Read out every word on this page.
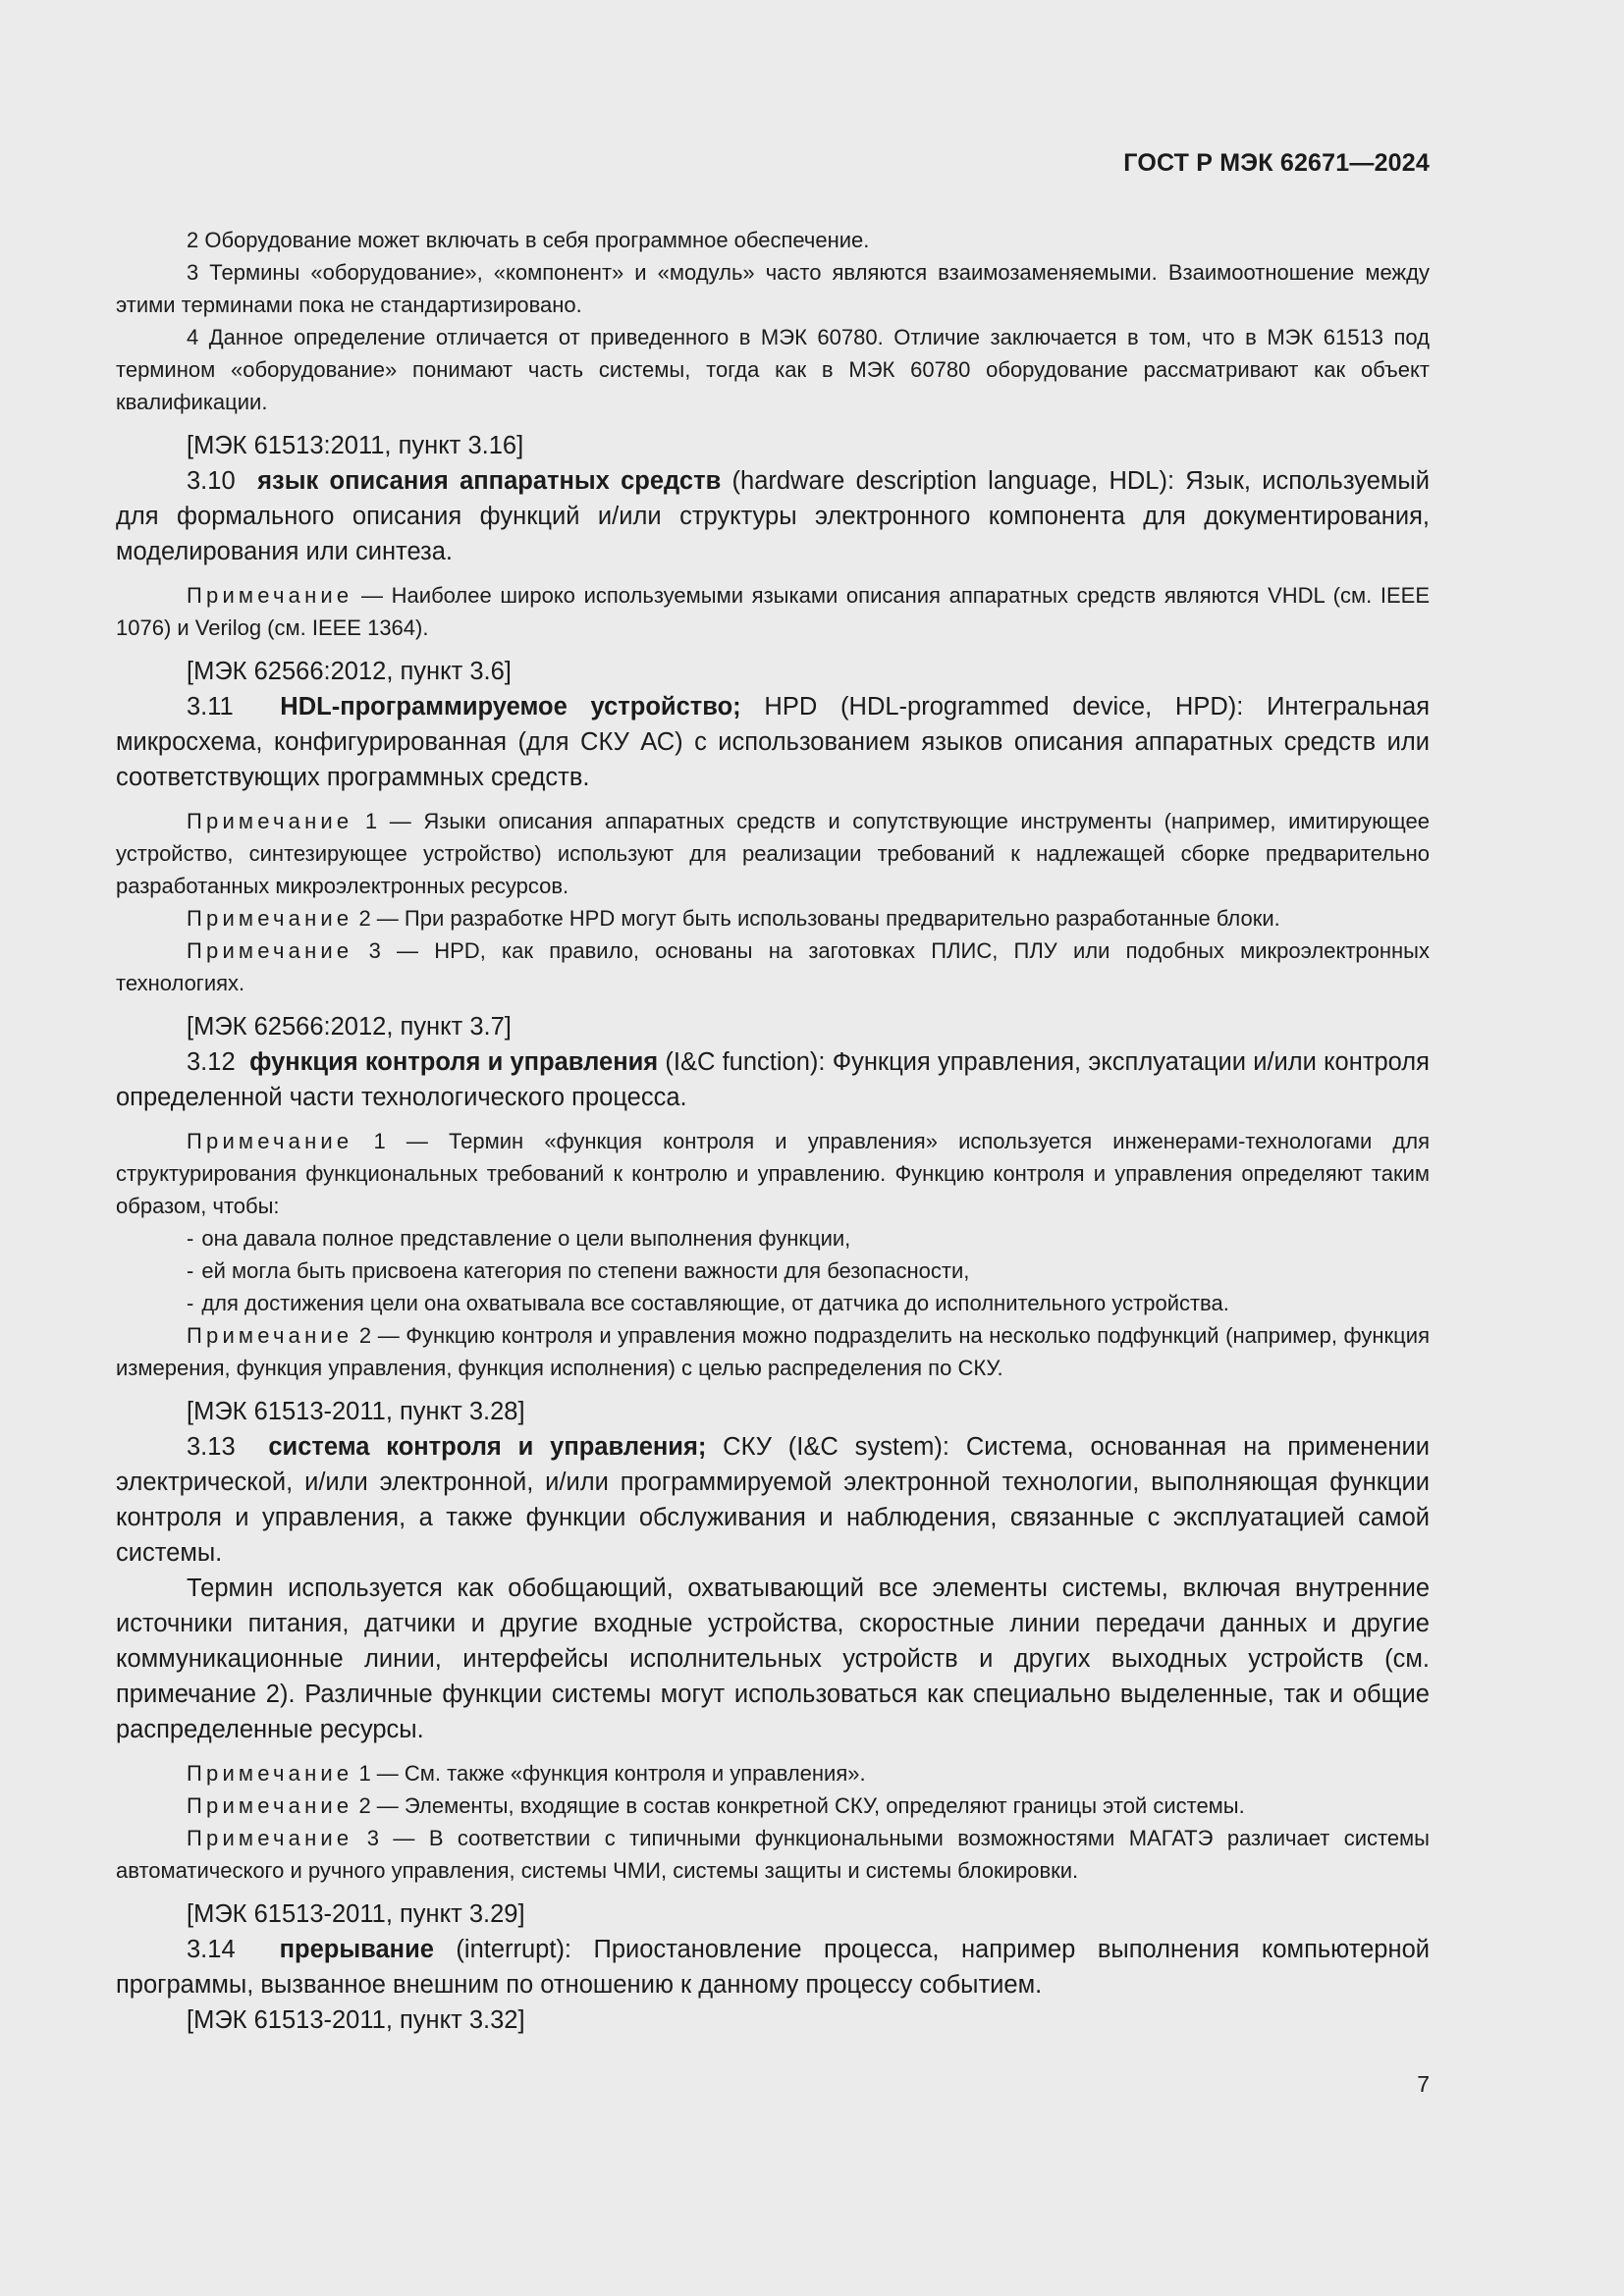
ГОСТ Р МЭК 62671—2024

2 Оборудование может включать в себя программное обеспечение.

3 Термины «оборудование», «компонент» и «модуль» часто являются взаимозаменяемыми. Взаимоотношение между этими терминами пока не стандартизировано.

4 Данное определение отличается от приведенного в МЭК 60780. Отличие заключается в том, что в МЭК 61513 под термином «оборудование» понимают часть системы, тогда как в МЭК 60780 оборудование рассматривают как объект квалификации.

[МЭК 61513:2011, пункт 3.16]

3.10 язык описания аппаратных средств (hardware description language, HDL): Язык, используемый для формального описания функций и/или структуры электронного компонента для документирования, моделирования или синтеза.

Примечание — Наиболее широко используемыми языками описания аппаратных средств являются VHDL (см. IEEE 1076) и Verilog (см. IEEE 1364).

[МЭК 62566:2012, пункт 3.6]

3.11 HDL-программируемое устройство; HPD (HDL-programmed device, HPD): Интегральная микросхема, конфигурированная (для СКУ АС) с использованием языков описания аппаратных средств или соответствующих программных средств.

Примечание 1 — Языки описания аппаратных средств и сопутствующие инструменты (например, имитирующее устройство, синтезирующее устройство) используют для реализации требований к надлежащей сборке предварительно разработанных микроэлектронных ресурсов.

Примечание 2 — При разработке HPD могут быть использованы предварительно разработанные блоки.

Примечание 3 — HPD, как правило, основаны на заготовках ПЛИС, ПЛУ или подобных микроэлектронных технологиях.

[МЭК 62566:2012, пункт 3.7]

3.12 функция контроля и управления (I&C function): Функция управления, эксплуатации и/или контроля определенной части технологического процесса.

Примечание 1 — Термин «функция контроля и управления» используется инженерами-технологами для структурирования функциональных требований к контролю и управлению. Функцию контроля и управления определяют таким образом, чтобы:

- она давала полное представление о цели выполнения функции,
- ей могла быть присвоена категория по степени важности для безопасности,
- для достижения цели она охватывала все составляющие, от датчика до исполнительного устройства.

Примечание 2 — Функцию контроля и управления можно подразделить на несколько подфункций (например, функция измерения, функция управления, функция исполнения) с целью распределения по СКУ.

[МЭК 61513-2011, пункт 3.28]

3.13 система контроля и управления; СКУ (I&C system): Система, основанная на применении электрической, и/или электронной, и/или программируемой электронной технологии, выполняющая функции контроля и управления, а также функции обслуживания и наблюдения, связанные с эксплуатацией самой системы.

Термин используется как обобщающий, охватывающий все элементы системы, включая внутренние источники питания, датчики и другие входные устройства, скоростные линии передачи данных и другие коммуникационные линии, интерфейсы исполнительных устройств и других выходных устройств (см. примечание 2). Различные функции системы могут использоваться как специально выделенные, так и общие распределенные ресурсы.

Примечание 1 — См. также «функция контроля и управления».

Примечание 2 — Элементы, входящие в состав конкретной СКУ, определяют границы этой системы.

Примечание 3 — В соответствии с типичными функциональными возможностями МАГАТЭ различает системы автоматического и ручного управления, системы ЧМИ, системы защиты и системы блокировки.

[МЭК 61513-2011, пункт 3.29]

3.14 прерывание (interrupt): Приостановление процесса, например выполнения компьютерной программы, вызванное внешним по отношению к данному процессу событием.

[МЭК 61513-2011, пункт 3.32]

7
